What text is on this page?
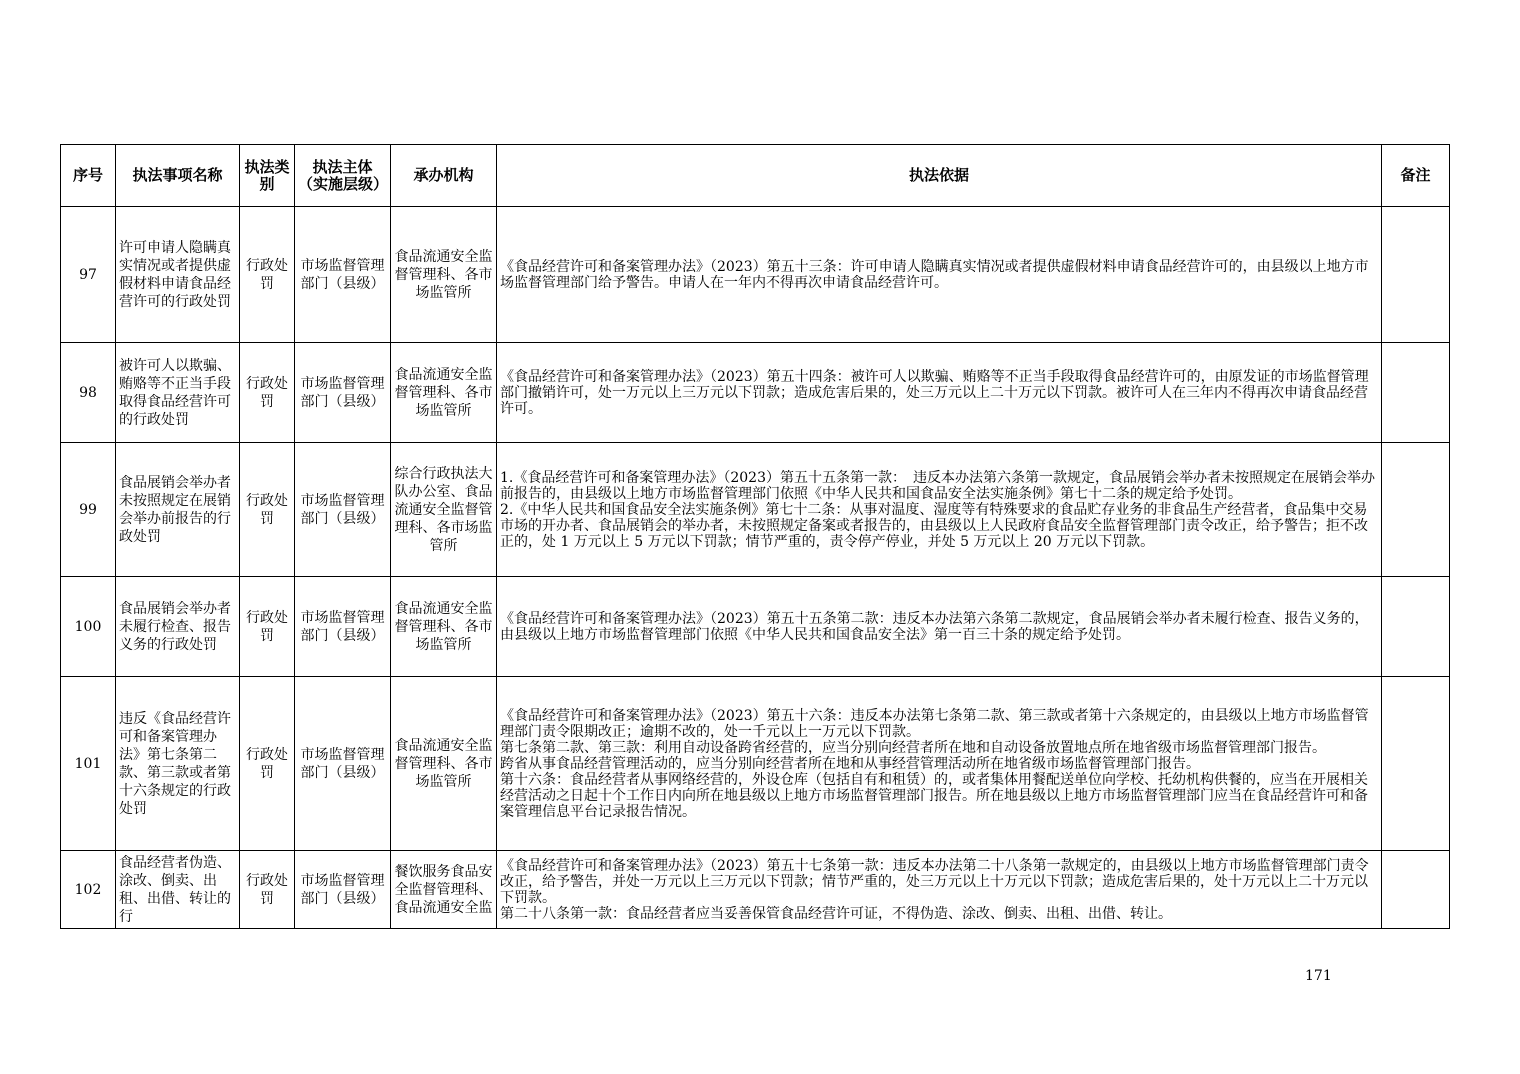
序号	执法事项名称	执法类别	执法主体（实施层级）	承办机构	执法依据	备注
97	许可申请人隐瞒真实情况或者提供虚假材料申请食品经营许可的行政处罚	行政处罚	市场监督管理部门（县级）	食品流通安全监督管理科、各市场监管所	《食品经营许可和备案管理办法》（2023）第五十三条：许可申请人隐瞒真实情况或者提供虚假材料申请食品经营许可的，由县级以上地方市场监督管理部门给予警告。申请人在一年内不得再次申请食品经营许可。	

98	被许可人以欺骗、贿赂等不正当手段取得食品经营许可的行政处罚	行政处罚	市场监督管理部门（县级）	食品流通安全监督管理科、各市场监管所	《食品经营许可和备案管理办法》（2023）第五十四条：被许可人以欺骗、贿赂等不正当手段取得食品经营许可的，由原发证的市场监督管理部门撤销许可，处一万元以上三万元以下罚款；造成危害后果的，处三万元以上二十万元以下罚款。被许可人在三年内不得再次申请食品经营许可。	

99	食品展销会举办者未按照规定在展销会举办前报告的行政处罚	行政处罚	市场监督管理部门（县级）	综合行政执法大队办公室、食品流通安全监督管理科、各市场监管所	1.《食品经营许可和备案管理办法》（2023）第五十五条第一款：　违反本办法第六条第一款规定，食品展销会举办者未按照规定在展销会举办前报告的，由县级以上地方市场监督管理部门依照《中华人民共和国食品安全法实施条例》第七十二条的规定给予处罚。
2.《中华人民共和国食品安全法实施条例》第七十二条：从事对温度、湿度等有特殊要求的食品贮存业务的非食品生产经营者，食品集中交易市场的开办者、食品展销会的举办者，未按照规定备案或者报告的，由县级以上人民政府食品安全监督管理部门责令改正，给予警告；拒不改正的，处 1 万元以上 5 万元以下罚款；情节严重的，责令停产停业，并处 5 万元以上 20 万元以下罚款。	

100	食品展销会举办者未履行检查、报告义务的行政处罚	行政处罚	市场监督管理部门（县级）	食品流通安全监督管理科、各市场监管所	《食品经营许可和备案管理办法》（2023）第五十五条第二款：违反本办法第六条第二款规定，食品展销会举办者未履行检查、报告义务的，由县级以上地方市场监督管理部门依照《中华人民共和国食品安全法》第一百三十条的规定给予处罚。	

101	违反《食品经营许可和备案管理办法》第七条第二款、第三款或者第十六条规定的行政处罚	行政处罚	市场监督管理部门（县级）	食品流通安全监督管理科、各市场监管所	《食品经营许可和备案管理办法》（2023）第五十六条：违反本办法第七条第二款、第三款或者第十六条规定的，由县级以上地方市场监督管理部门责令限期改正；逾期不改的，处一千元以上一万元以下罚款。
第七条第二款、第三款：利用自动设备跨省经营的，应当分别向经营者所在地和自动设备放置地点所在地省级市场监督管理部门报告。
跨省从事食品经营管理活动的，应当分别向经营者所在地和从事经营管理活动所在地省级市场监督管理部门报告。
第十六条：食品经营者从事网络经营的，外设仓库（包括自有和租赁）的，或者集体用餐配送单位向学校、托幼机构供餐的，应当在开展相关经营活动之日起十个工作日内向所在地县级以上地方市场监督管理部门报告。所在地县级以上地方市场监督管理部门应当在食品经营许可和备案管理信息平台记录报告情况。	

102	食品经营者伪造、涂改、倒卖、出租、出借、转让的行	行政处罚	市场监督管理部门（县级）	餐饮服务食品安全监督管理科、食品流通安全监	《食品经营许可和备案管理办法》（2023）第五十七条第一款：违反本办法第二十八条第一款规定的，由县级以上地方市场监督管理部门责令改正，给予警告，并处一万元以上三万元以下罚款；情节严重的，处三万元以上十万元以下罚款；造成危害后果的，处十万元以上二十万元以下罚款。
第二十八条第一款：食品经营者应当妥善保管食品经营许可证，不得伪造、涂改、倒卖、出租、出借、转让。	

171
